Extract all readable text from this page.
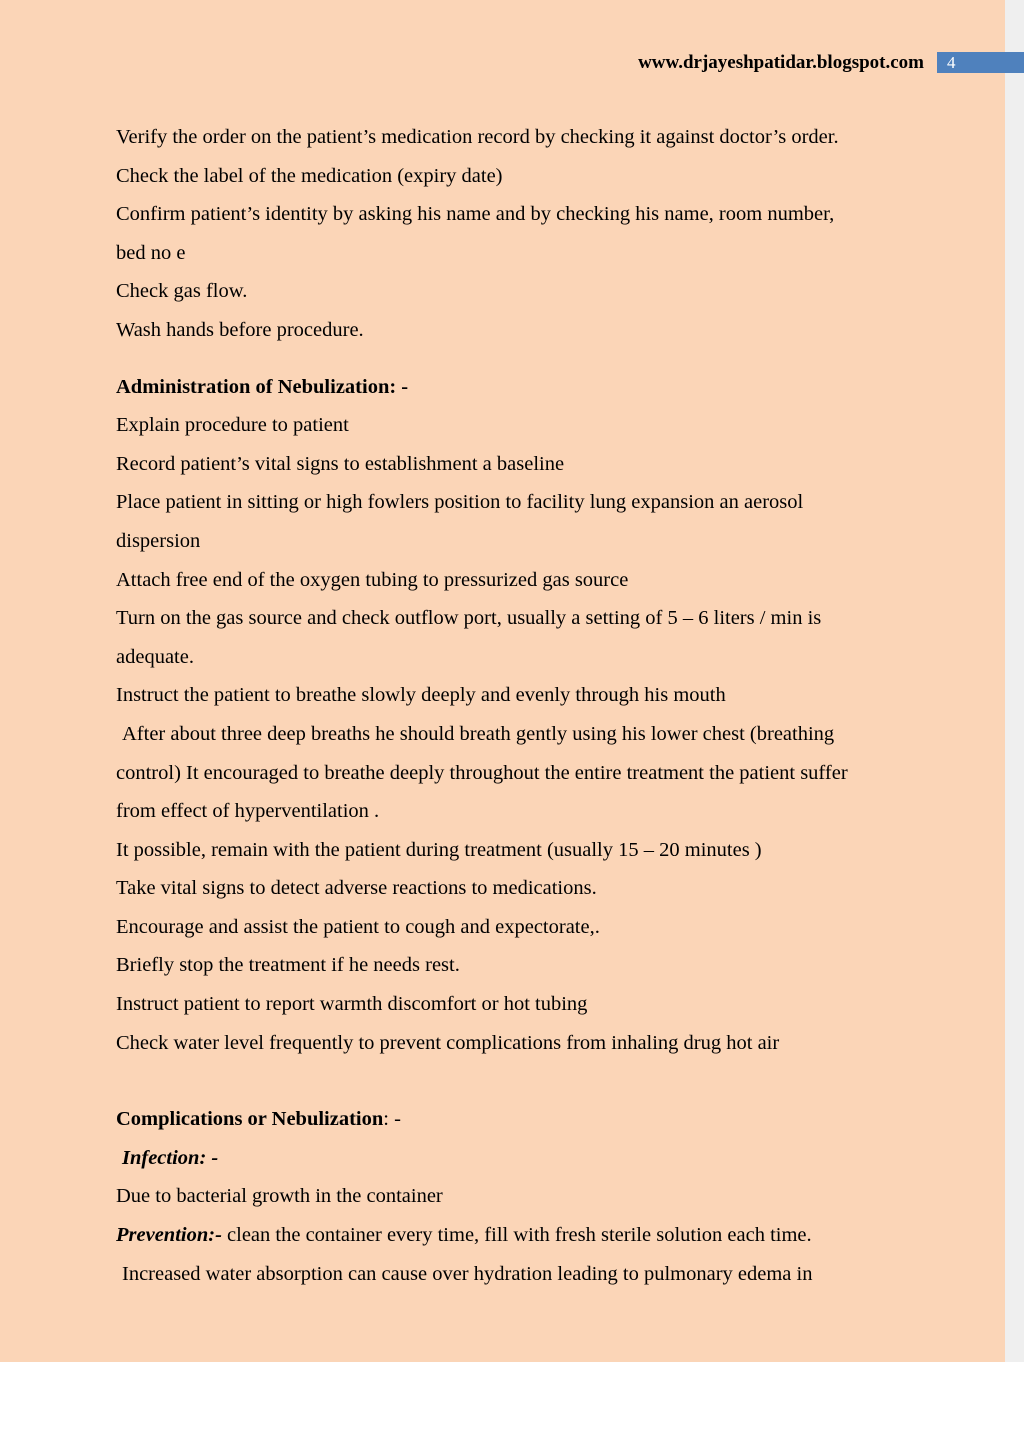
www.drjayeshpatidar.blogspot.com 4
Verify the order on the patient’s medication record by checking it against doctor’s order.
Check the label of the medication (expiry date)
Confirm patient’s identity by asking his name and by checking his name, room number,
bed no e
Check gas flow.
Wash hands before procedure.
Administration of Nebulization: -
Explain procedure to patient
Record patient’s vital signs to establishment a baseline
Place patient in sitting or high fowlers position to facility lung expansion an aerosol
dispersion
Attach free end of the oxygen tubing to pressurized gas source
Turn on the gas source and check outflow port, usually a setting of 5 – 6 liters / min is
adequate.
Instruct the patient to breathe slowly deeply and evenly through his mouth
After about three deep breaths he should breath gently using his lower chest (breathing
control) It encouraged to breathe deeply throughout the entire treatment the patient suffer
from effect of hyperventilation .
It possible, remain with the patient during treatment (usually 15 – 20 minutes )
Take vital signs to detect adverse reactions to medications.
Encourage and assist the patient to cough and expectorate,.
Briefly stop the treatment if he needs rest.
Instruct patient to report warmth discomfort or hot tubing
Check water level frequently to prevent complications from inhaling drug hot air
Complications or Nebulization: -
Infection: -
Due to bacterial growth in the container
Prevention:- clean the container every time, fill with fresh sterile solution each time.
Increased water absorption can cause over hydration leading to pulmonary edema in
